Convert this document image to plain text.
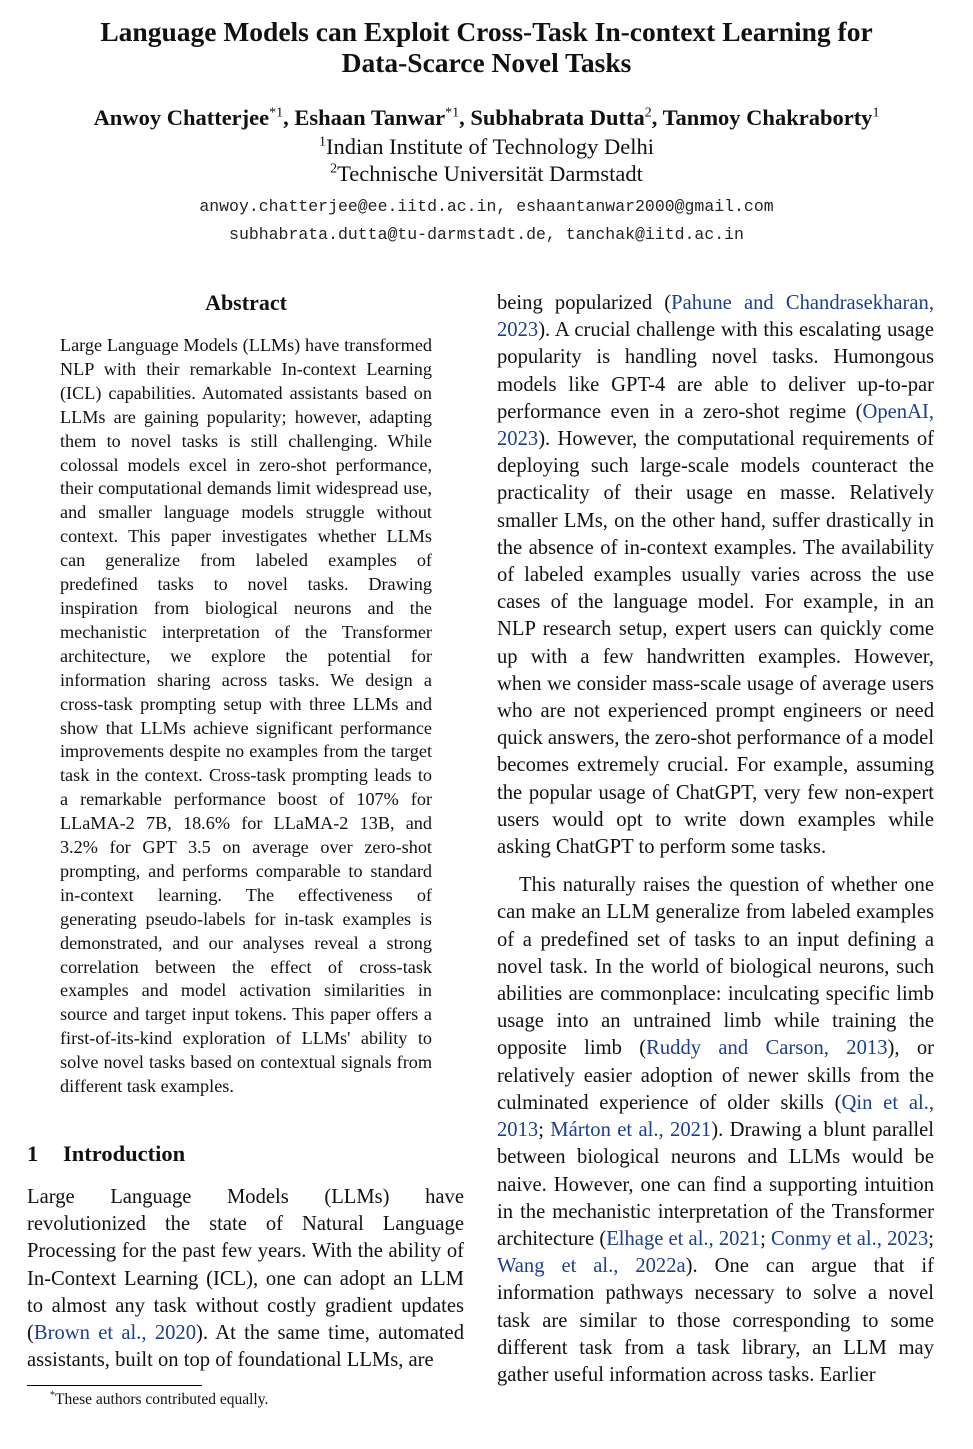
Language Models can Exploit Cross-Task In-context Learning for
Data-Scarce Novel Tasks
Anwoy Chatterjee$^{*1}$, Eshaan Tanwar$^{*1}$, Subhabrata Dutta$^2$, Tanmoy Chakraborty$^1$
$^1$Indian Institute of Technology Delhi
$^2$Technische Universität Darmstadt
anwoy.chatterjee@ee.iitd.ac.in, eshaantanwar2000@gmail.com
subhabrata.dutta@tu-darmstadt.de, tanchak@iitd.ac.in
Abstract
Large Language Models (LLMs) have transformed NLP with their remarkable In-context Learning (ICL) capabilities. Automated assistants based on LLMs are gaining popularity; however, adapting them to novel tasks is still challenging. While colossal models excel in zero-shot performance, their computational demands limit widespread use, and smaller language models struggle without context. This paper investigates whether LLMs can generalize from labeled examples of predefined tasks to novel tasks. Drawing inspiration from biological neurons and the mechanistic interpretation of the Transformer architecture, we explore the potential for information sharing across tasks. We design a cross-task prompting setup with three LLMs and show that LLMs achieve significant performance improvements despite no examples from the target task in the context. Cross-task prompting leads to a remarkable performance boost of 107% for LLaMA-2 7B, 18.6% for LLaMA-2 13B, and 3.2% for GPT 3.5 on average over zero-shot prompting, and performs comparable to standard in-context learning. The effectiveness of generating pseudo-labels for in-task examples is demonstrated, and our analyses reveal a strong correlation between the effect of cross-task examples and model activation similarities in source and target input tokens. This paper offers a first-of-its-kind exploration of LLMs' ability to solve novel tasks based on contextual signals from different task examples.
1 Introduction
Large Language Models (LLMs) have revolutionized the state of Natural Language Processing for the past few years. With the ability of In-Context Learning (ICL), one can adopt an LLM to almost any task without costly gradient updates (Brown et al., 2020). At the same time, automated assistants, built on top of foundational LLMs, are

being popularized (Pahune and Chandrasekharan, 2023). A crucial challenge with this escalating usage popularity is handling novel tasks. Humongous models like GPT-4 are able to deliver up-to-par performance even in a zero-shot regime (OpenAI, 2023). However, the computational requirements of deploying such large-scale models counteract the practicality of their usage en masse. Relatively smaller LMs, on the other hand, suffer drastically in the absence of in-context examples. The availability of labeled examples usually varies across the use cases of the language model. For example, in an NLP research setup, expert users can quickly come up with a few handwritten examples. However, when we consider mass-scale usage of average users who are not experienced prompt engineers or need quick answers, the zero-shot performance of a model becomes extremely crucial. For example, assuming the popular usage of ChatGPT, very few non-expert users would opt to write down examples while asking ChatGPT to perform some tasks.

This naturally raises the question of whether one can make an LLM generalize from labeled examples of a predefined set of tasks to an input defining a novel task. In the world of biological neurons, such abilities are commonplace: inculcating specific limb usage into an untrained limb while training the opposite limb (Ruddy and Carson, 2013), or relatively easier adoption of newer skills from the culminated experience of older skills (Qin et al., 2013; Márton et al., 2021). Drawing a blunt parallel between biological neurons and LLMs would be naive. However, one can find a supporting intuition in the mechanistic interpretation of the Transformer architecture (Elhage et al., 2021; Conmy et al., 2023; Wang et al., 2022a). One can argue that if information pathways necessary to solve a novel task are similar to those corresponding to some different task from a task library, an LLM may gather useful information across tasks. Earlier

*These authors contributed equally.
